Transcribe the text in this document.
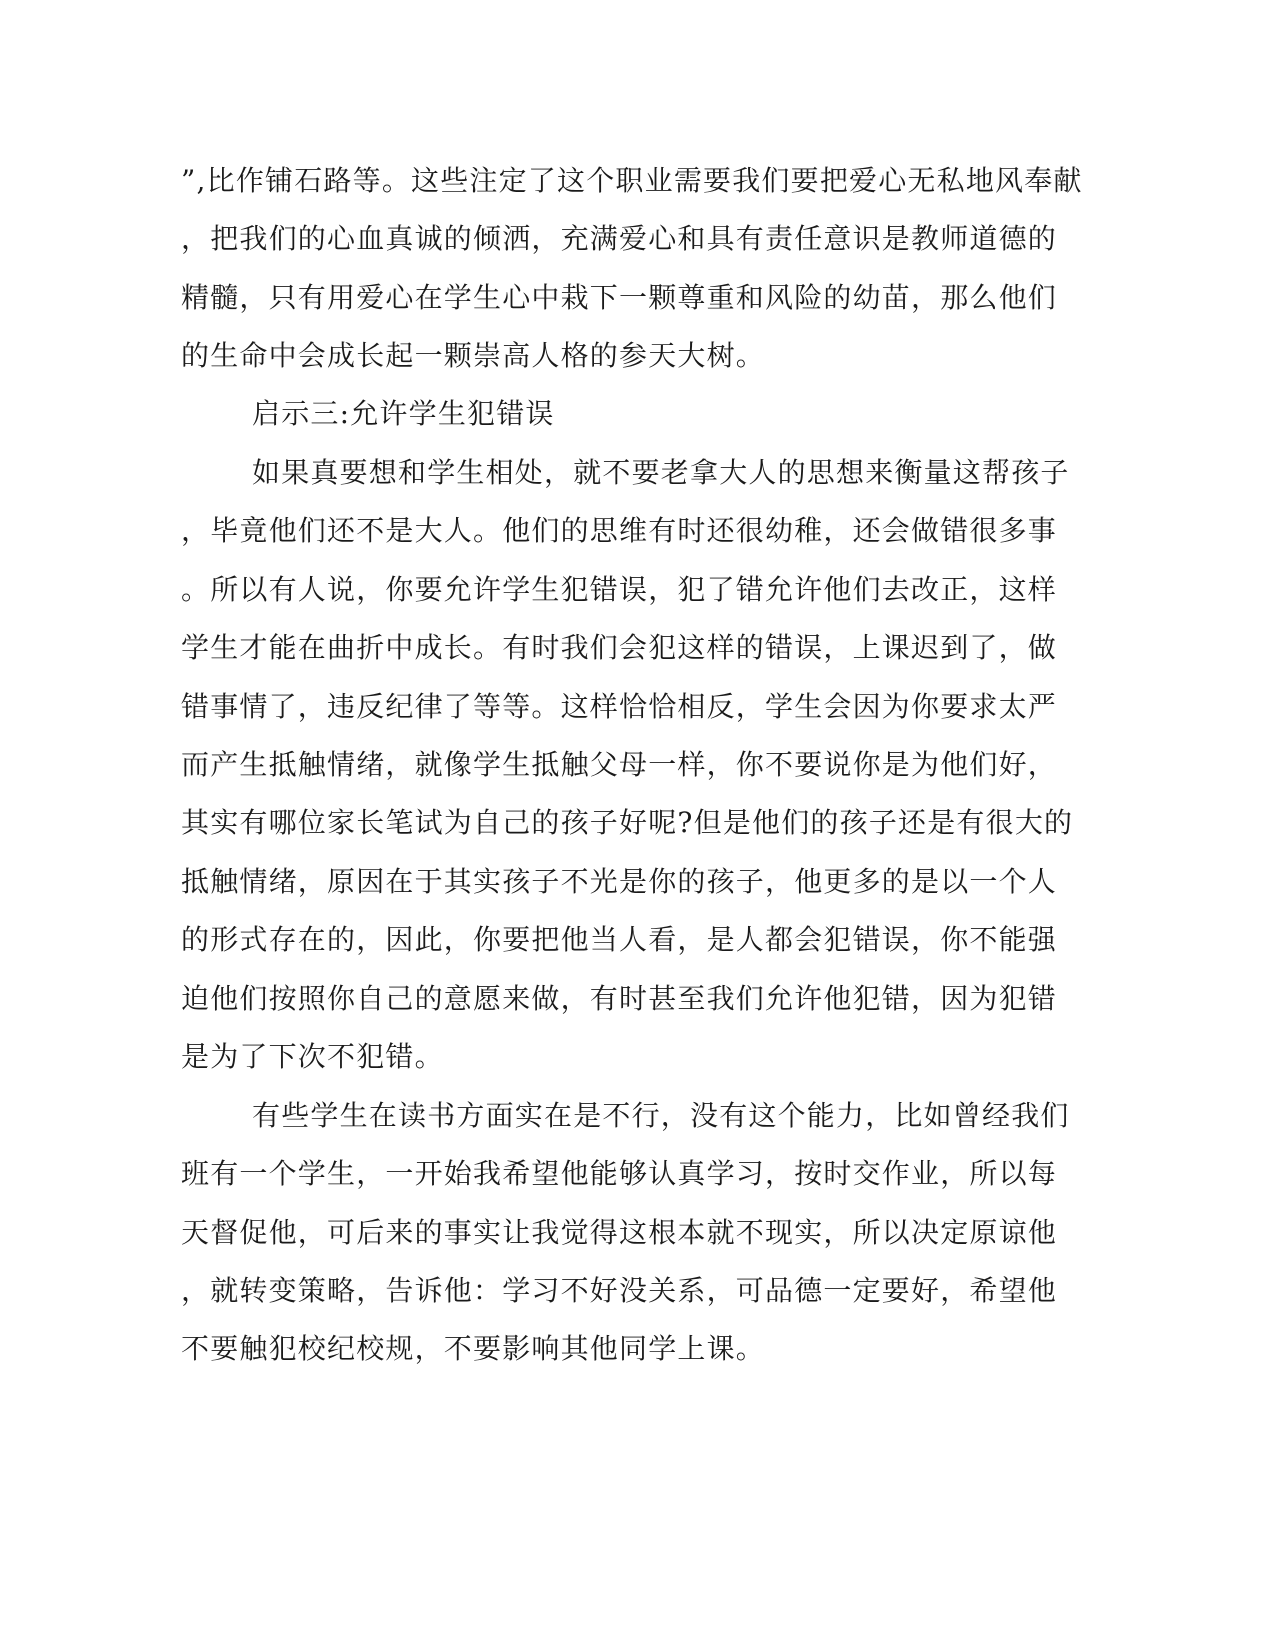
”,比作铺石路等。这些注定了这个职业需要我们要把爱心无私地风奉献
，把我们的心血真诚的倾洒，充满爱心和具有责任意识是教师道德的
精髓，只有用爱心在学生心中栽下一颗尊重和风险的幼苗，那么他们
的生命中会成长起一颗崇高人格的参天大树。
启示三:允许学生犯错误
如果真要想和学生相处，就不要老拿大人的思想来衡量这帮孩子
，毕竟他们还不是大人。他们的思维有时还很幼稚，还会做错很多事
。所以有人说，你要允许学生犯错误，犯了错允许他们去改正，这样
学生才能在曲折中成长。有时我们会犯这样的错误，上课迟到了，做
错事情了，违反纪律了等等。这样恰恰相反，学生会因为你要求太严
而产生抵触情绪，就像学生抵触父母一样，你不要说你是为他们好，
其实有哪位家长笔试为自己的孩子好呢?但是他们的孩子还是有很大的
抵触情绪，原因在于其实孩子不光是你的孩子，他更多的是以一个人
的形式存在的，因此，你要把他当人看，是人都会犯错误，你不能强
迫他们按照你自己的意愿来做，有时甚至我们允许他犯错，因为犯错
是为了下次不犯错。
有些学生在读书方面实在是不行，没有这个能力，比如曾经我们
班有一个学生，一开始我希望他能够认真学习，按时交作业，所以每
天督促他，可后来的事实让我觉得这根本就不现实，所以决定原谅他
，就转变策略，告诉他：学习不好没关系，可品德一定要好，希望他
不要触犯校纪校规，不要影响其他同学上课。
